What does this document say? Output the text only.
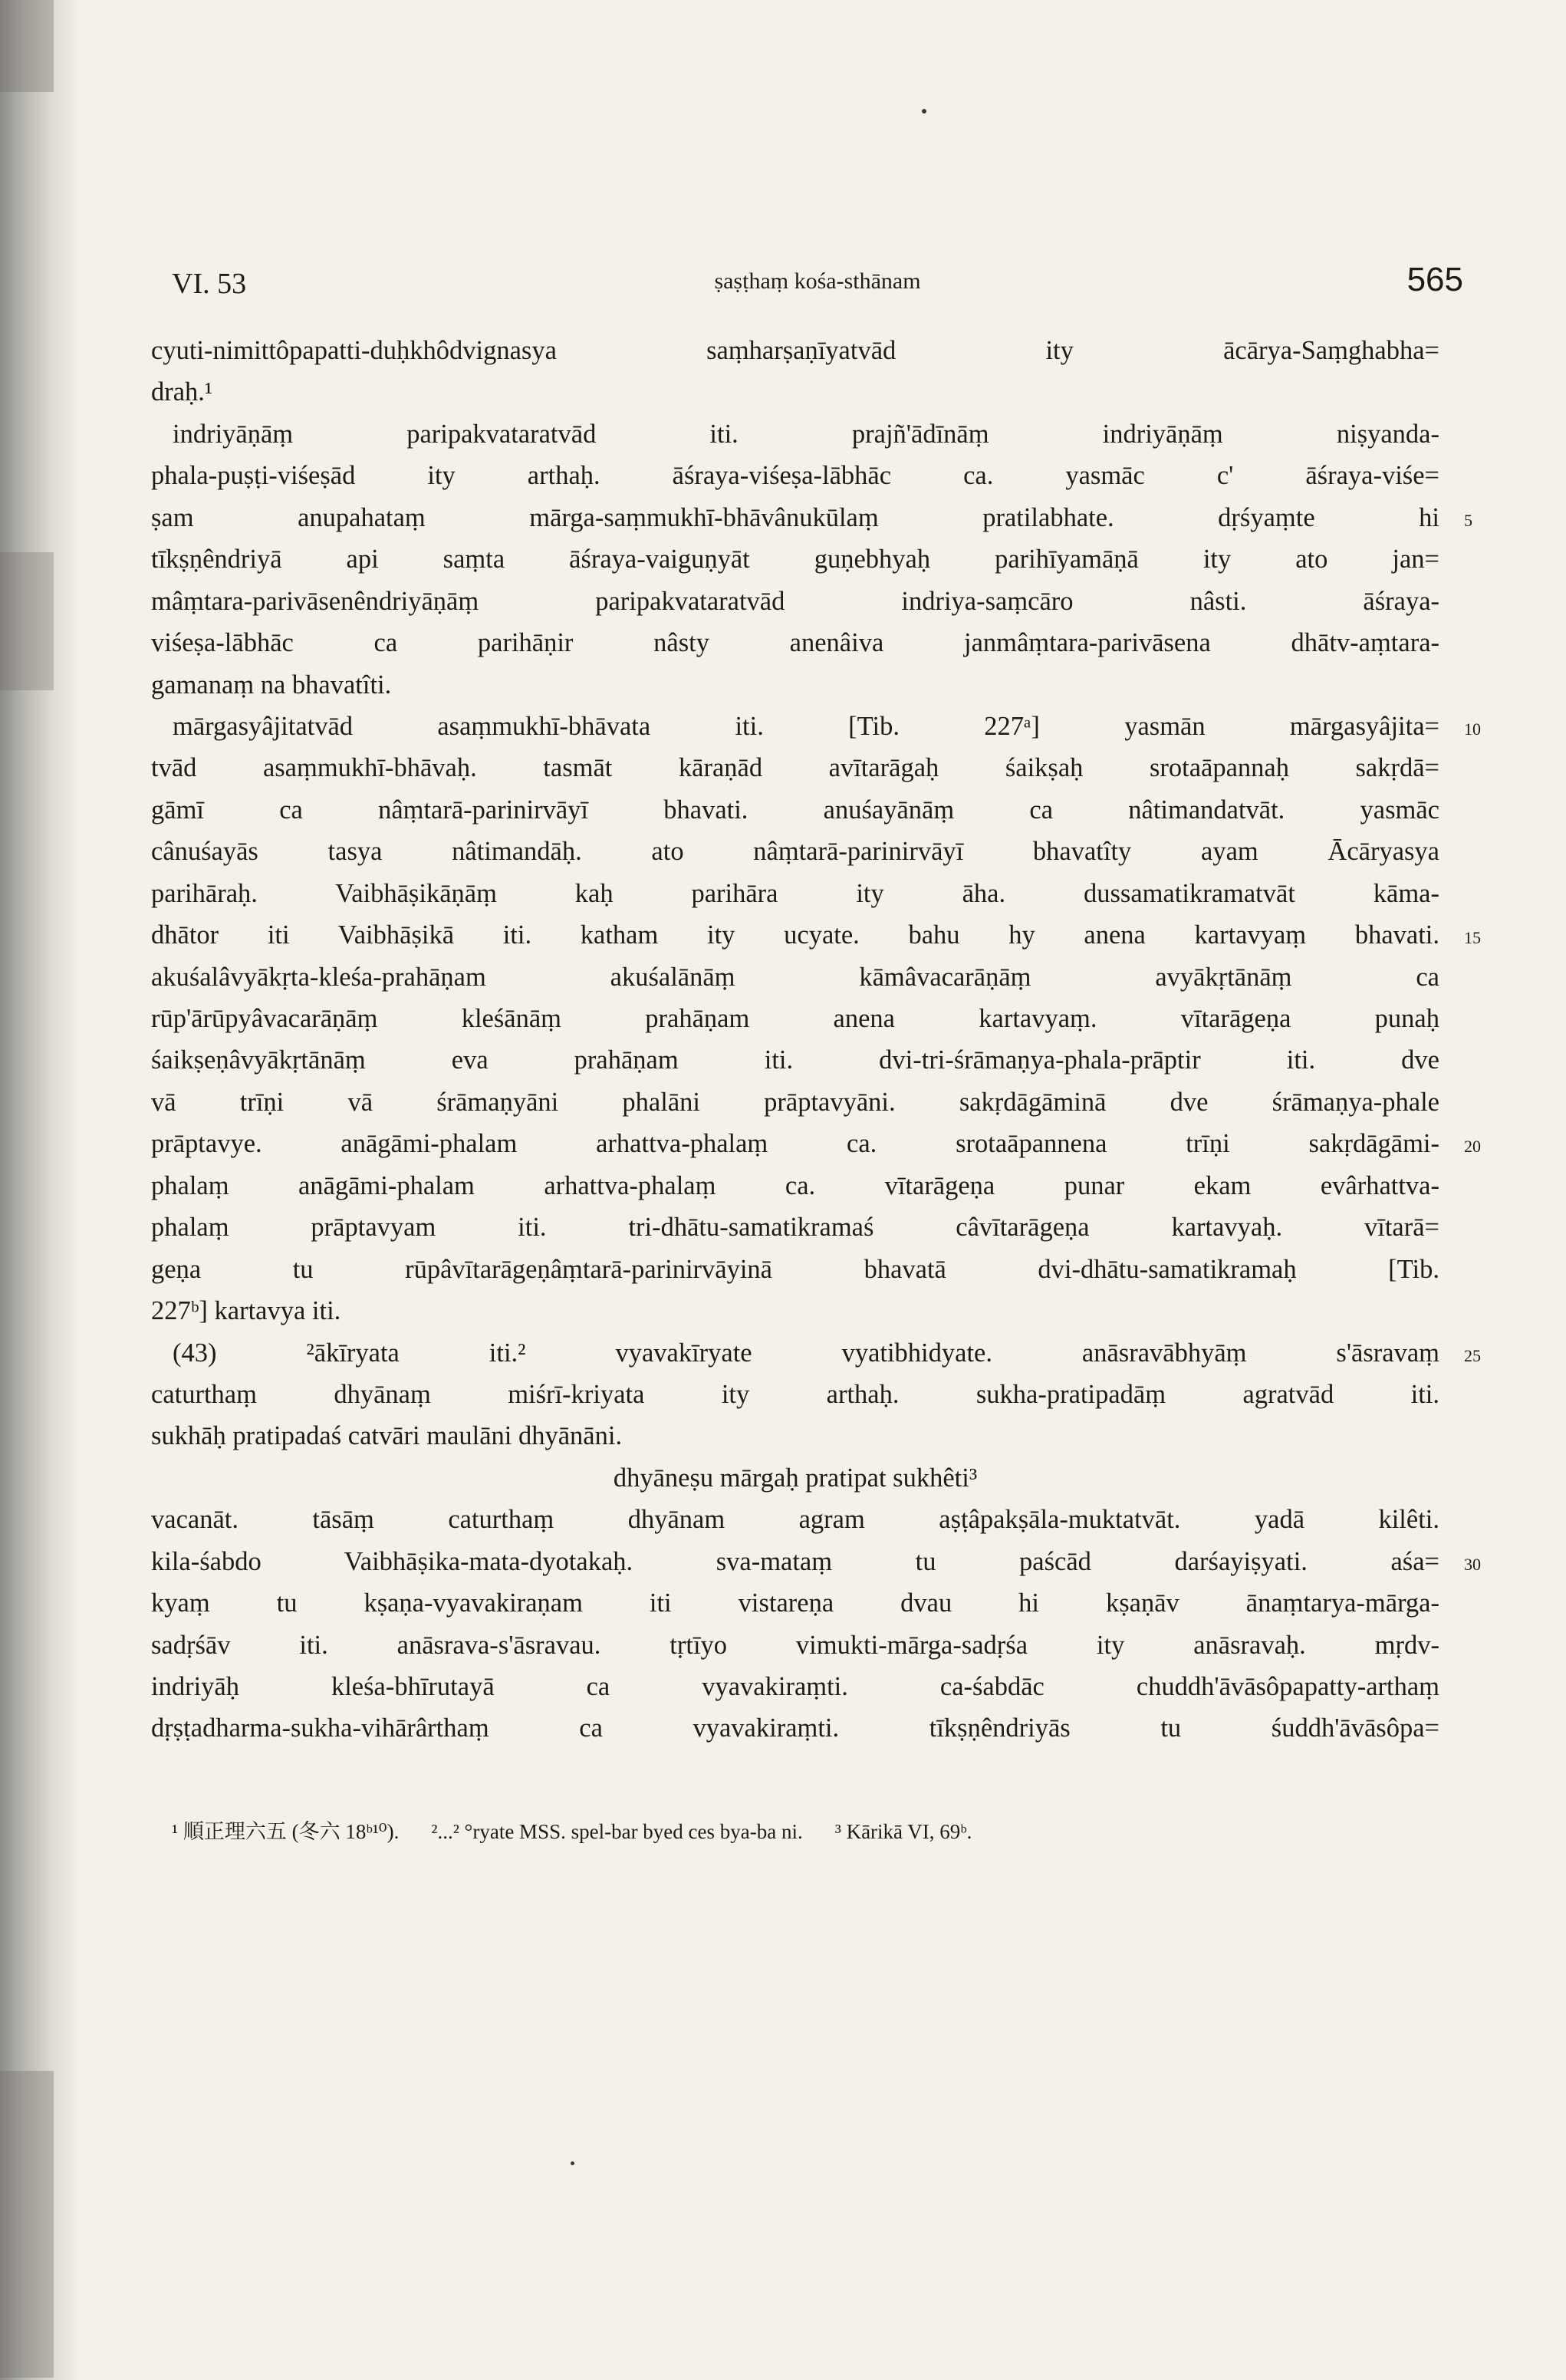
VI. 53	ṣaṣṭhaṃ kośa-sthānam	565
cyuti-nimittôpapatti-duḥkhôdvignasya saṃharṣaṇīyatvād ity ācārya-Saṃghabha=
draḥ.¹
indriyāṇāṃ paripakvataratvād iti. prajñ'ādīnāṃ indriyāṇāṃ niṣyanda-
phala-puṣṭi-viśeṣād ity arthaḥ. āśraya-viśeṣa-lābhāc ca. yasmāc c' āśraya-viśe=
ṣam anupahataṃ mārga-saṃmukhī-bhāvânukūlaṃ pratilabhate. dṛśyaṃte hi 5
tīkṣṇêndriyā api saṃta āśraya-vaiguṇyāt guṇebhyaḥ parihīyamāṇā ity ato jan=
mâṃtara-parivāsenêndriyāṇāṃ paripakvataratvād indriya-saṃcāro nâsti. āśraya-
viśeṣa-lābhāc ca parihāṇir nâsty anenâiva janmâṃtara-parivāsena dhātv-aṃtara-
gamanaṃ na bhavatîti.
mārgasyâjitatvād asaṃmukhī-bhāvata iti. [Tib. 227ᵃ] yasmān mārgasyâjita= 10
tvād asaṃmukhī-bhāvaḥ. tasmāt kāraṇād avītarāgaḥ śaikṣaḥ srotaāpannaḥ sakṛdā=
gāmī ca nâṃtarā-parinirvāyī bhavati. anuśayānāṃ ca nâtimandatvāt. yasmāc
cânuśayās tasya nâtimandāḥ. ato nâṃtarā-parinirvāyī bhavatîty ayam Ācāryasya
parihāraḥ. Vaibhāṣikāṇāṃ kaḥ parihāra ity āha. dussamatikramatvāt kāma-
dhātor iti Vaibhāṣikā iti. katham ity ucyate. bahu hy anena kartavyaṃ bhavati. 15
akuśalâvyākṛta-kleśa-prahāṇam akuśalānāṃ kāmâvacarāṇāṃ avyākṛtānāṃ ca
rūp'ārūpyâvacarāṇāṃ kleśānāṃ prahāṇam anena kartavyaṃ. vītarāgeṇa punaḥ
śaikṣeṇâvyākṛtānāṃ eva prahāṇam iti. dvi-tri-śrāmaṇya-phala-prāptir iti. dve
vā trīṇi vā śrāmaṇyāni phalāni prāptavyāni. sakṛdāgāminā dve śrāmaṇya-phale
prāptavye. anāgāmi-phalam arhattva-phalaṃ ca. srotaāpannena trīṇi sakṛdāgāmi- 20
phalaṃ anāgāmi-phalam arhattva-phalaṃ ca. vītarāgeṇa punar ekam evârhattva-
phalaṃ prāptavyam iti. tri-dhātu-samatikramaś câvītarāgeṇa kartavyaḥ. vītarā=
geṇa tu rūpâvītarāgeṇâṃtarā-parinirvāyinā bhavatā dvi-dhātu-samatikramaḥ [Tib.
227ᵇ] kartavya iti.
(43) ²ākīryata iti.² vyavakīryate vyatibhidyate. anāsravābhyāṃ s'āsravaṃ 25
caturthaṃ dhyānaṃ miśrī-kriyata ity arthaḥ. sukha-pratipadāṃ agratvād iti.
sukhāḥ pratipadaś catvāri maulāni dhyānāni.
dhyāneṣu mārgaḥ pratipat sukhêti³
vacanāt. tāsāṃ caturthaṃ dhyānam agram aṣṭâpakṣāla-muktatvāt. yadā kilêti.
kila-śabdo Vaibhāṣika-mata-dyotakaḥ. sva-mataṃ tu paścād darśayiṣyati. aśa= 30
kyaṃ tu kṣaṇa-vyavakiraṇam iti vistareṇa dvau hi kṣaṇāv ānaṃtarya-mārga-
sadṛśāv iti. anāsrava-s'āsravau. tṛtīyo vimukti-mārga-sadṛśa ity anāsravaḥ. mṛdv-
indriyāḥ kleśa-bhīrutayā ca vyavakiraṃti. ca-śabdāc chuddh'āvāsôpapatty-arthaṃ
dṛṣṭadharma-sukha-vihārârthaṃ ca vyavakiraṃti. tīkṣṇêndriyās tu śuddh'āvāsôpa=
¹ 順正理六五 (冬六 18ᵇ¹⁰). ²...² °ryate MSS. spel-bar byed ces bya-ba ni. ³ Kārikā VI, 69ᵇ.
